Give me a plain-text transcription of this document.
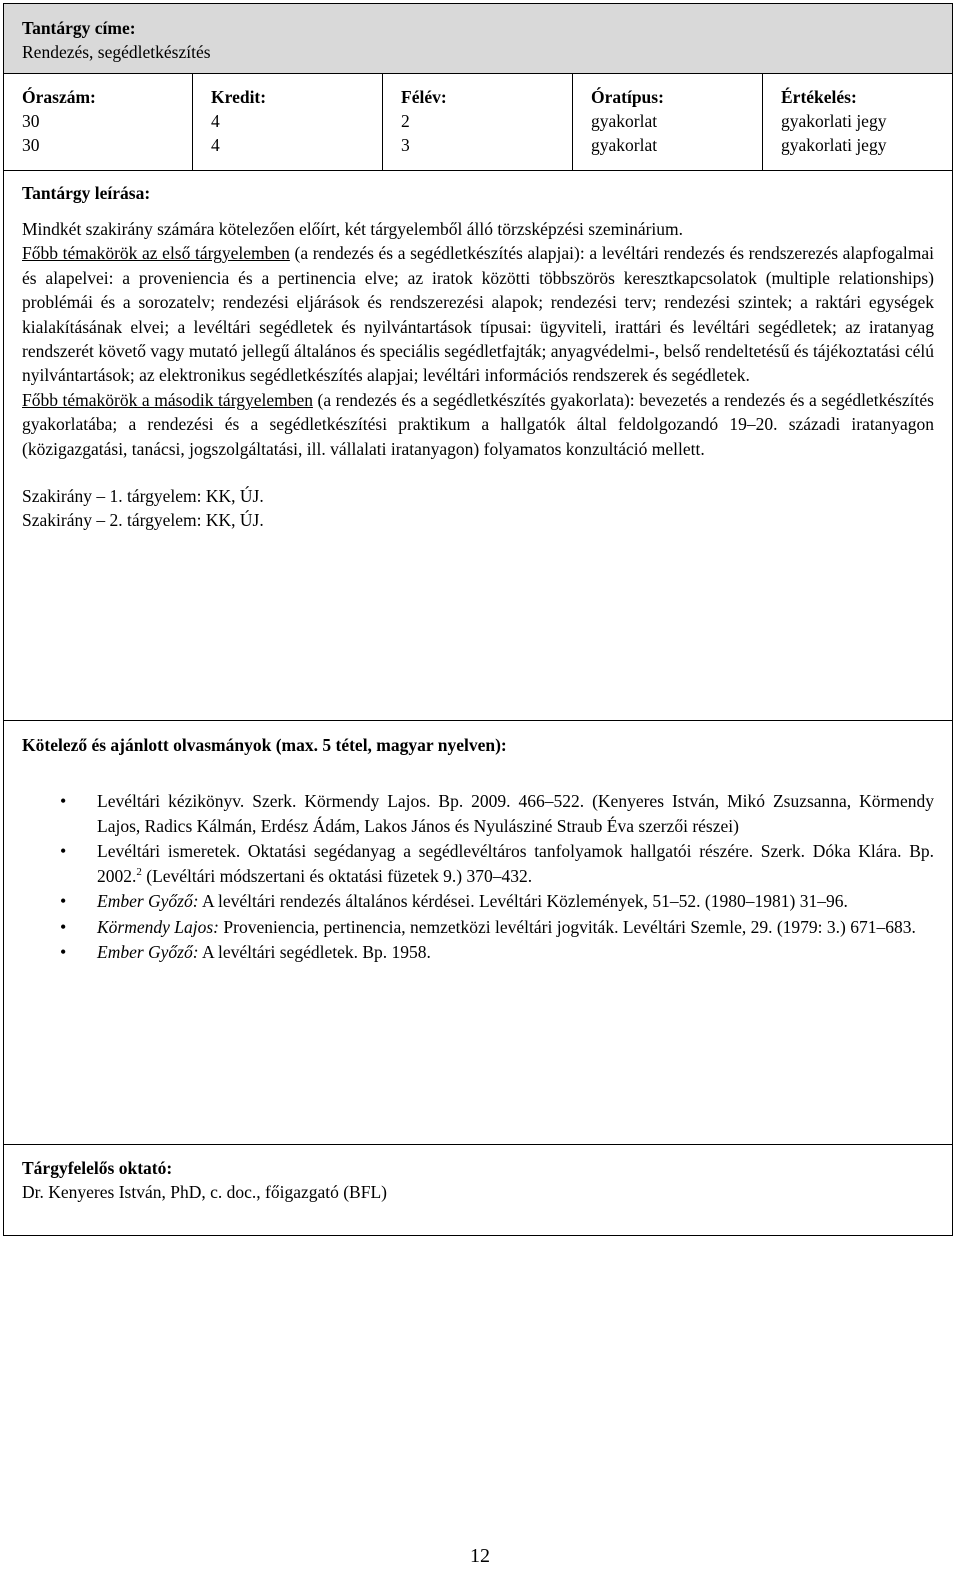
Tantárgy címe:
Rendezés, segédletkészítés
Óraszám:
30
30
Kredit:
4
4
Félév:
2
3
Óratípus:
gyakorlat
gyakorlat
Értékelés:
gyakorlati jegy
gyakorlati jegy
Tantárgy leírása:
Mindkét szakirány számára kötelezően előírt, két tárgyelemből álló törzsképzési szeminárium.
Főbb témakörök az első tárgyelemben (a rendezés és a segédletkészítés alapjai): a levéltári rendezés és rendszerezés alapfogalmai és alapelvei: a proveniencia és a pertinencia elve; az iratok közötti többszörös keresztkapcsolatok (multiple relationships) problémái és a sorozatelv; rendezési eljárások és rendszerezési alapok; rendezési terv; rendezési szintek; a raktári egységek kialakításának elvei; a levéltári segédletek és nyilvántartások típusai: ügyviteli, irattári és levéltári segédletek; az iratanyag rendszerét követő vagy mutató jellegű általános és speciális segédletfajták; anyagvédelmi-, belső rendeltetésű és tájékoztatási célú nyilvántartások; az elektronikus segédletkészítés alapjai; levéltári információs rendszerek és segédletek.
Főbb témakörök a második tárgyelemben (a rendezés és a segédletkészítés gyakorlata): bevezetés a rendezés és a segédletkészítés gyakorlatába; a rendezési és a segédletkészítési praktikum a hallgatók által feldolgozandó 19–20. századi iratanyagon (közigazgatási, tanácsi, jogszolgáltatási, ill. vállalati iratanyagon) folyamatos konzultáció mellett.
Szakirány – 1. tárgyelem: KK, ÚJ.
Szakirány – 2. tárgyelem: KK, ÚJ.
Kötelező és ajánlott olvasmányok (max. 5 tétel, magyar nyelven):
• Levéltári kézikönyv. Szerk. Körmendy Lajos. Bp. 2009. 466–522. (Kenyeres István, Mikó Zsuzsanna, Körmendy Lajos, Radics Kálmán, Erdész Ádám, Lakos János és Nyulásziné Straub Éva szerzői részei)
• Levéltári ismeretek. Oktatási segédanyag a segédlevéltáros tanfolyamok hallgatói részére. Szerk. Dóka Klára. Bp. 2002.$^2$ (Levéltári módszertani és oktatási füzetek 9.) 370–432.
• Ember Győző: A levéltári rendezés általános kérdései. Levéltári Közlemények, 51–52. (1980–1981) 31–96.
• Körmendy Lajos: Proveniencia, pertinencia, nemzetközi levéltári jogviták. Levéltári Szemle, 29. (1979: 3.) 671–683.
• Ember Győző: A levéltári segédletek. Bp. 1958.
Tárgyfelelős oktató:
Dr. Kenyeres István, PhD, c. doc., főigazgató (BFL)
12
